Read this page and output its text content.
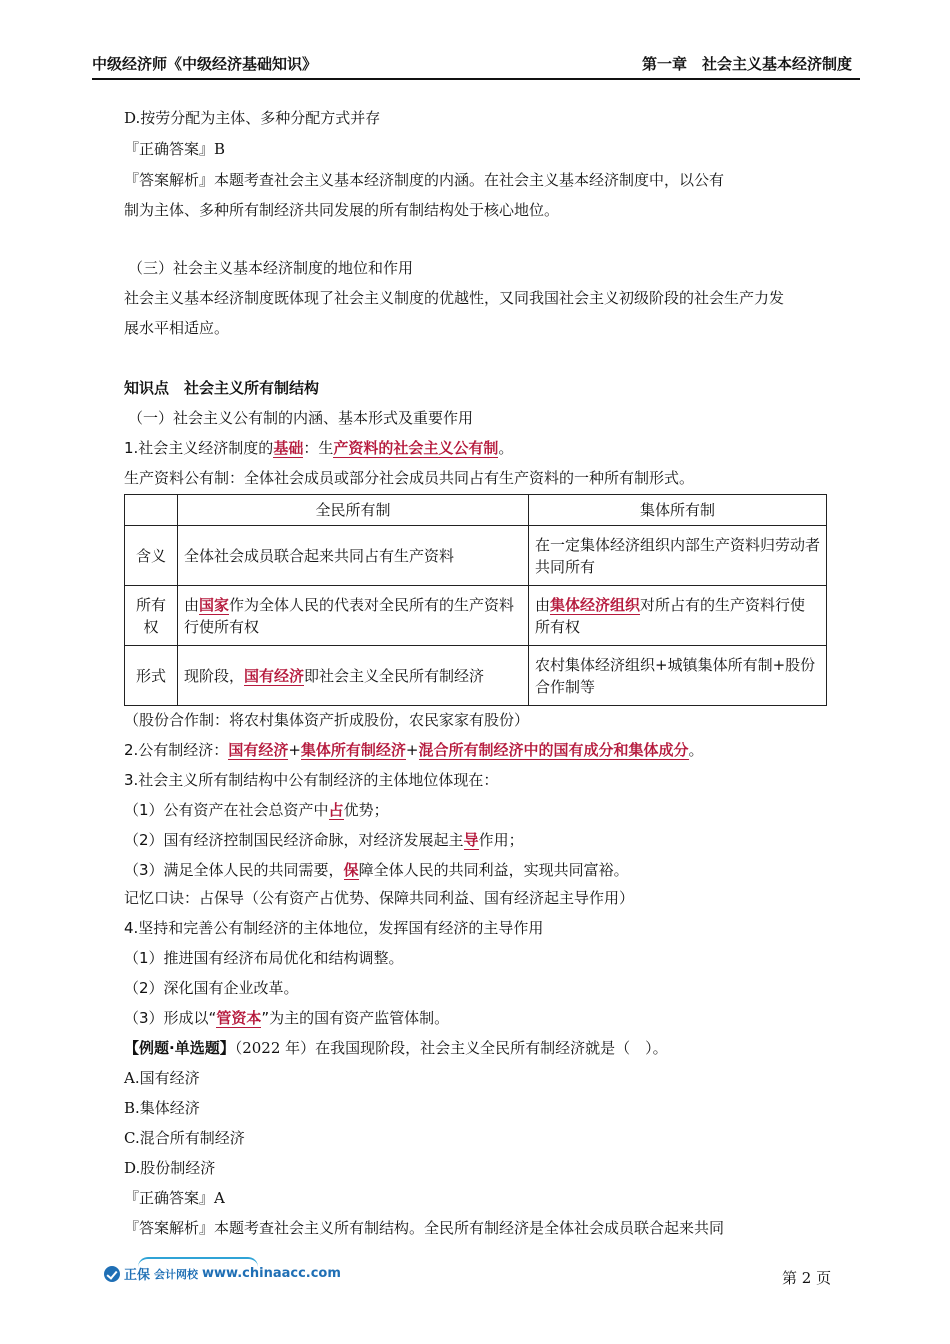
中级经济师《中级经济基础知识》	第一章　社会主义基本经济制度
D.按劳分配为主体、多种分配方式并存
『正确答案』B
『答案解析』本题考查社会主义基本经济制度的内涵。在社会主义基本经济制度中，以公有
制为主体、多种所有制经济共同发展的所有制结构处于核心地位。
（三）社会主义基本经济制度的地位和作用
社会主义基本经济制度既体现了社会主义制度的优越性，又同我国社会主义初级阶段的社会生产力发
展水平相适应。
知识点　社会主义所有制结构
（一）社会主义公有制的内涵、基本形式及重要作用
1.社会主义经济制度的基础：生产资料的社会主义公有制。
生产资料公有制：全体社会成员或部分社会成员共同占有生产资料的一种所有制形式。
	全民所有制	集体所有制
含义	全体社会成员联合起来共同占有生产资料	在一定集体经济组织内部生产资料归劳动者共同所有
所有权	由国家作为全体人民的代表对全民所有的生产资料行使所有权	由集体经济组织对所占有的生产资料行使所有权
形式	现阶段，国有经济即社会主义全民所有制经济	农村集体经济组织+城镇集体所有制+股份合作制等
（股份合作制：将农村集体资产折成股份，农民家家有股份）
2.公有制经济：国有经济+集体所有制经济+混合所有制经济中的国有成分和集体成分。
3.社会主义所有制结构中公有制经济的主体地位体现在：
（1）公有资产在社会总资产中占优势；
（2）国有经济控制国民经济命脉，对经济发展起主导作用；
（3）满足全体人民的共同需要，保障全体人民的共同利益，实现共同富裕。
记忆口诀：占保导（公有资产占优势、保障共同利益、国有经济起主导作用）
4.坚持和完善公有制经济的主体地位，发挥国有经济的主导作用
（1）推进国有经济布局优化和结构调整。
（2）深化国有企业改革。
（3）形成以“管资本”为主的国有资产监管体制。
【例题·单选题】（2022 年）在我国现阶段，社会主义全民所有制经济就是（　）。
A.国有经济
B.集体经济
C.混合所有制经济
D.股份制经济
『正确答案』A
『答案解析』本题考查社会主义所有制结构。全民所有制经济是全体社会成员联合起来共同
正保 会计网校 www.chinaacc.com	第 2 页
